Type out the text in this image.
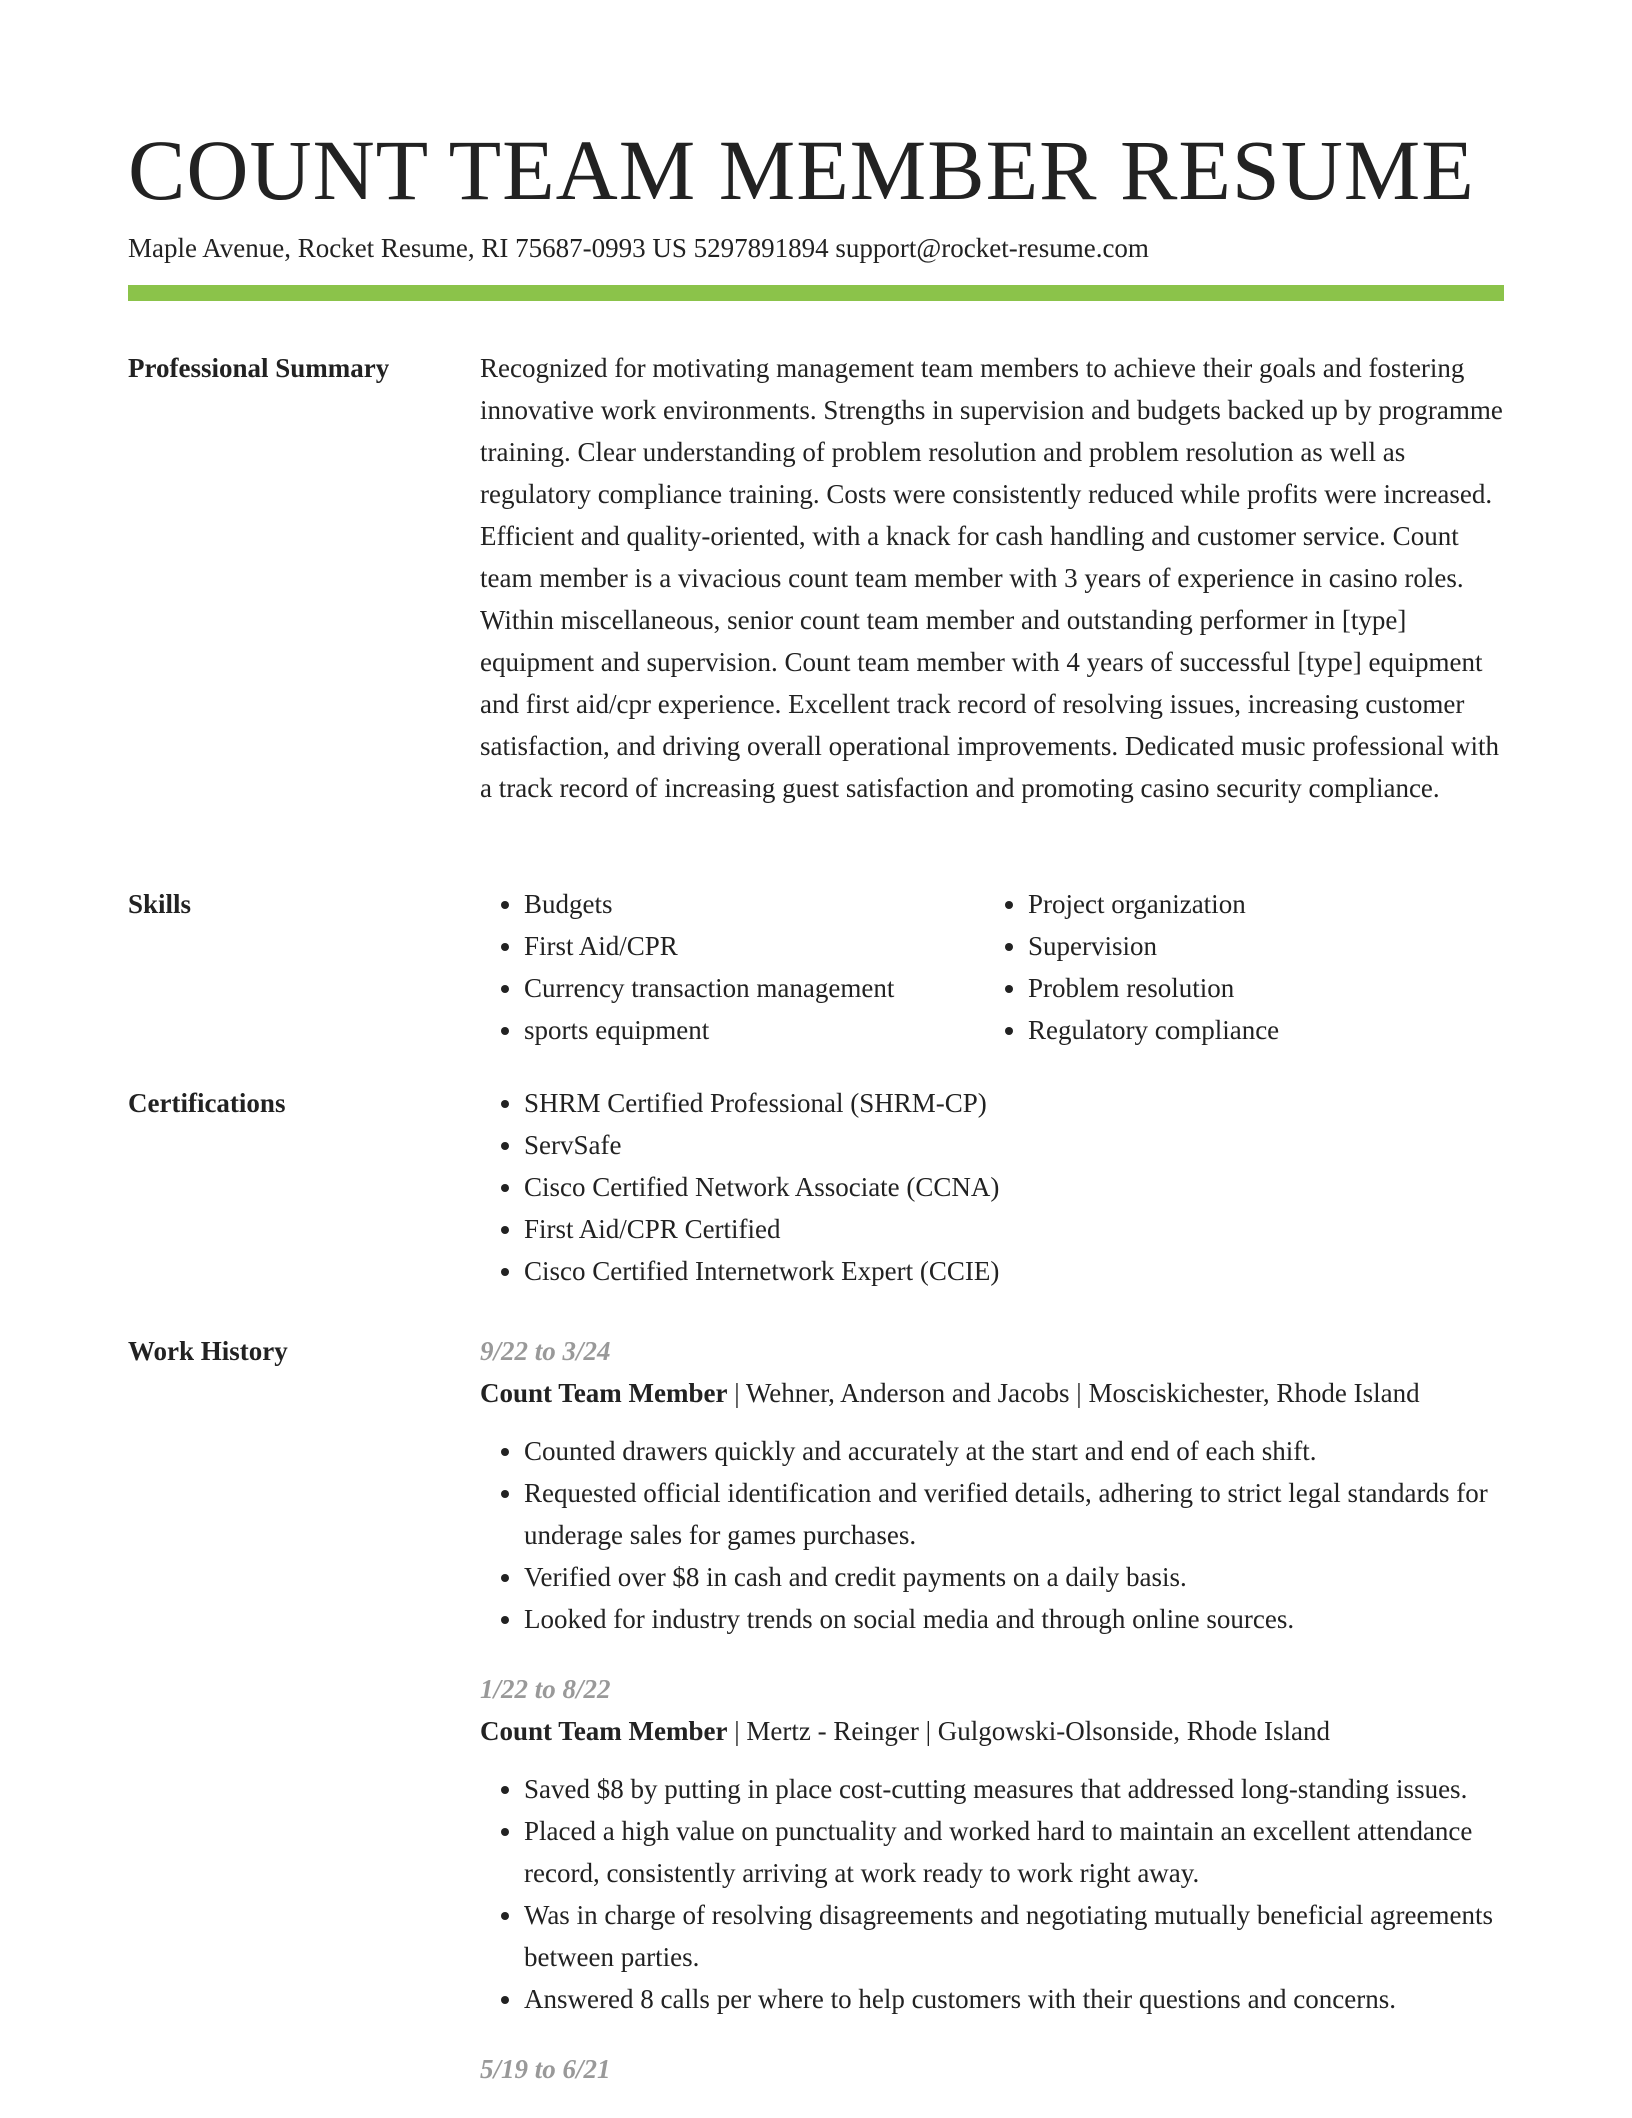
COUNT TEAM MEMBER RESUME
Maple Avenue, Rocket Resume, RI 75687-0993 US 5297891894 support@rocket-resume.com
Professional Summary	Recognized for motivating management team members to achieve their goals and fostering innovative work environments. Strengths in supervision and budgets backed up by programme training. Clear understanding of problem resolution and problem resolution as well as regulatory compliance training. Costs were consistently reduced while profits were increased. Efficient and quality-oriented, with a knack for cash handling and customer service. Count team member is a vivacious count team member with 3 years of experience in casino roles. Within miscellaneous, senior count team member and outstanding performer in [type] equipment and supervision. Count team member with 4 years of successful [type] equipment and first aid/cpr experience. Excellent track record of resolving issues, increasing customer satisfaction, and driving overall operational improvements. Dedicated music professional with a track record of increasing guest satisfaction and promoting casino security compliance.

Skills	• Budgets
• First Aid/CPR
• Currency transaction management
• sports equipment
• Project organization
• Supervision
• Problem resolution
• Regulatory compliance
Certifications	• SHRM Certified Professional (SHRM-CP)
• ServSafe
• Cisco Certified Network Associate (CCNA)
• First Aid/CPR Certified
• Cisco Certified Internetwork Expert (CCIE)
Work History	9/22 to 3/24
Count Team Member | Wehner, Anderson and Jacobs | Mosciskichester, Rhode Island
• Counted drawers quickly and accurately at the start and end of each shift.
• Requested official identification and verified details, adhering to strict legal standards for underage sales for games purchases.
• Verified over $8 in cash and credit payments on a daily basis.
• Looked for industry trends on social media and through online sources.
1/22 to 8/22
Count Team Member | Mertz - Reinger | Gulgowski-Olsonside, Rhode Island
• Saved $8 by putting in place cost-cutting measures that addressed long-standing issues.
• Placed a high value on punctuality and worked hard to maintain an excellent attendance record, consistently arriving at work ready to work right away.
• Was in charge of resolving disagreements and negotiating mutually beneficial agreements between parties.
• Answered 8 calls per where to help customers with their questions and concerns.
5/19 to 6/21
